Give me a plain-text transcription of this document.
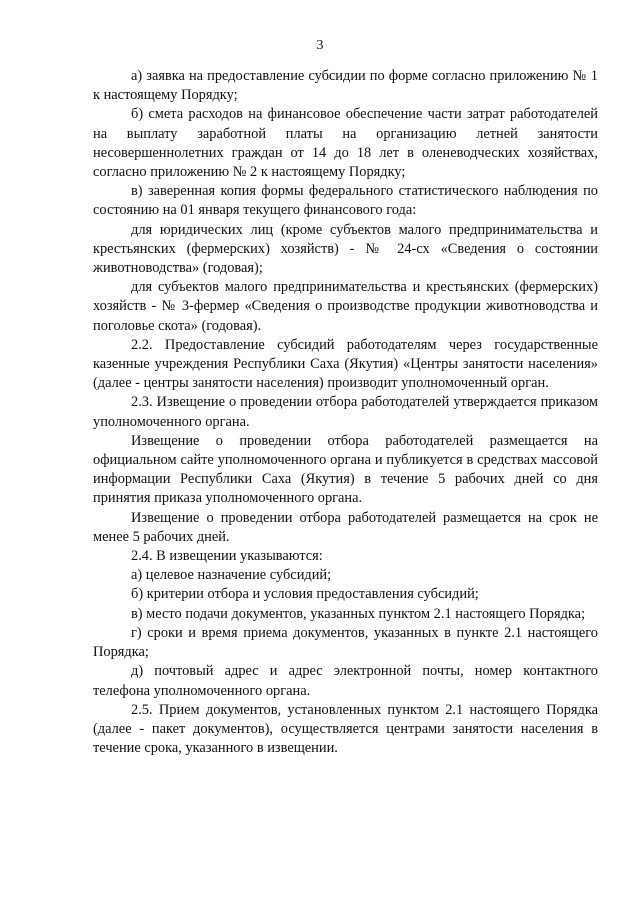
3

а) заявка на предоставление субсидии по форме согласно приложению № 1 к настоящему Порядку;

б) смета расходов на финансовое обеспечение части затрат работодателей на выплату заработной платы на организацию летней занятости несовершеннолетних граждан от 14 до 18 лет в оленеводческих хозяйствах, согласно приложению № 2 к настоящему Порядку;

в) заверенная копия формы федерального статистического наблюдения по состоянию на 01 января текущего финансового года:

для юридических лиц (кроме субъектов малого предпринимательства и крестьянских (фермерских) хозяйств) - № 24-сх «Сведения о состоянии животноводства» (годовая);

для субъектов малого предпринимательства и крестьянских (фермерских) хозяйств - № 3-фермер «Сведения о производстве продукции животноводства и поголовье скота» (годовая).

2.2. Предоставление субсидий работодателям через государственные казенные учреждения Республики Саха (Якутия) «Центры занятости населения» (далее - центры занятости населения) производит уполномоченный орган.

2.3. Извещение о проведении отбора работодателей утверждается приказом уполномоченного органа.

Извещение о проведении отбора работодателей размещается на официальном сайте уполномоченного органа и публикуется в средствах массовой информации Республики Саха (Якутия) в течение 5 рабочих дней со дня принятия приказа уполномоченного органа.

Извещение о проведении отбора работодателей размещается на срок не менее 5 рабочих дней.

2.4. В извещении указываются:

а) целевое назначение субсидий;

б) критерии отбора и условия предоставления субсидий;

в) место подачи документов, указанных пунктом 2.1 настоящего Порядка;

г) сроки и время приема документов, указанных в пункте 2.1 настоящего Порядка;

д) почтовый адрес и адрес электронной почты, номер контактного телефона уполномоченного органа.

2.5. Прием документов, установленных пунктом 2.1 настоящего Порядка (далее - пакет документов), осуществляется центрами занятости населения в течение срока, указанного в извещении.
